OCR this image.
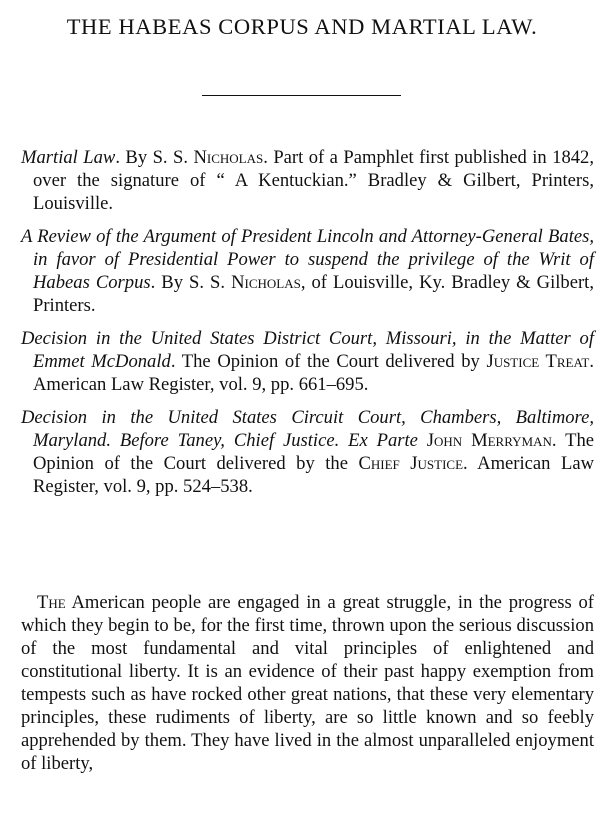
THE HABEAS CORPUS AND MARTIAL LAW.

Martial Law. By S. S. Nicholas. Part of a Pamphlet first published in 1842, over the signature of “ A Kentuckian.” Bradley & Gilbert, Printers, Louisville.

A Review of the Argument of President Lincoln and Attorney-General Bates, in favor of Presidential Power to suspend the privilege of the Writ of Habeas Corpus. By S. S. Nicholas, of Louisville, Ky. Bradley & Gilbert, Printers.

Decision in the United States District Court, Missouri, in the Matter of Emmet McDonald. The Opinion of the Court delivered by Justice Treat. American Law Register, vol. 9, pp. 661–695.

Decision in the United States Circuit Court, Chambers, Baltimore, Maryland. Before Taney, Chief Justice. Ex Parte John Merryman. The Opinion of the Court delivered by the Chief Justice. American Law Register, vol. 9, pp. 524–538.

The American people are engaged in a great struggle, in the progress of which they begin to be, for the first time, thrown upon the serious discussion of the most fundamental and vital principles of enlightened and constitutional liberty. It is an evidence of their past happy exemption from tempests such as have rocked other great nations, that these very elementary principles, these rudiments of liberty, are so little known and so feebly apprehended by them. They have lived in the almost unparalleled enjoyment of liberty,
